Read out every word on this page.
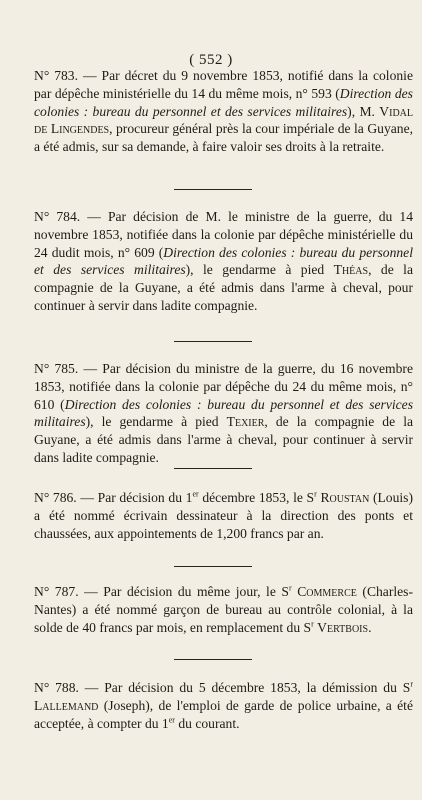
( 552 )

N° 783. — Par décret du 9 novembre 1853, notifié dans la colonie par dépêche ministérielle du 14 du même mois, n° 593 (Direction des colonies : bureau du personnel et des services militaires), M. Vidal de Lingendes, procureur général près la cour impériale de la Guyane, a été admis, sur sa demande, à faire valoir ses droits à la retraite.

N° 784. — Par décision de M. le ministre de la guerre, du 14 novembre 1853, notifiée dans la colonie par dépêche ministérielle du 24 dudit mois, n° 609 (Direction des colonies : bureau du personnel et des services militaires), le gendarme à pied Théas, de la compagnie de la Guyane, a été admis dans l'arme à cheval, pour continuer à servir dans ladite compagnie.

N° 785. — Par décision du ministre de la guerre, du 16 novembre 1853, notifiée dans la colonie par dépêche du 24 du même mois, n° 610 (Direction des colonies : bureau du personnel et des services militaires), le gendarme à pied Texier, de la compagnie de la Guyane, a été admis dans l'arme à cheval, pour continuer à servir dans ladite compagnie.

N° 786. — Par décision du 1er décembre 1853, le $S^r$ Roustan (Louis) a été nommé écrivain dessinateur à la direction des ponts et chaussées, aux appointements de 1,200 francs par an.

N° 787. — Par décision du même jour, le $S^r$ Commerce (Charles-Nantes) a été nommé garçon de bureau au contrôle colonial, à la solde de 40 francs par mois, en remplacement du $S^r$ Vertbois.

N° 788. — Par décision du 5 décembre 1853, la démission du $S^r$ Lallemand (Joseph), de l'emploi de garde de police urbaine, a été acceptée, à compter du 1er du courant.
